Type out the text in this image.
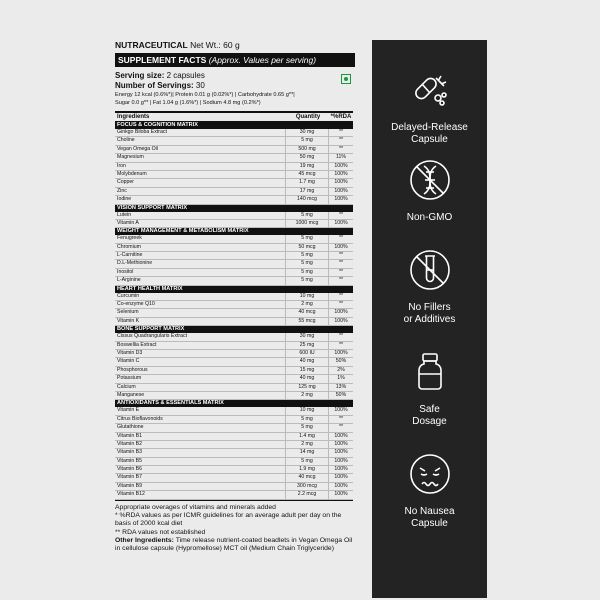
NUTRACEUTICAL Net Wt.: 60 g
SUPPLEMENT FACTS (Approx. Values per serving)
Serving size: 2 capsules
Number of Servings: 30
Energy 12 kcal (0.6%*)| Protein 0.01 g (0.02%*) | Carbohydrate 0.65 g**|
Sugar 0.0 g** | Fat 1.04 g (1.6%*) | Sodium 4.8 mg (0.2%*)
Ingredients	Quantity	*%RDA
FOCUS & COGNITION MATRIX
Ginkgo Biloba Extract	30 mg	**
Choline	5 mg	**
Vegan Omega Oil	500 mg	**
Magnesium	50 mg	11%
Iron	19 mg	100%
Molybdenum	45 mcg	100%
Copper	1.7 mg	100%
Zinc	17 mg	100%
Iodine	140 mcg	100%
VISION SUPPORT MATRIX
Lutein	5 mg	**
Vitamin A	1000 mcg	100%
WEIGHT MANAGEMENT & METABOLISM MATRIX
Fenugreek	5 mg	**
Chromium	50 mcg	100%
L-Carnitine	5 mg	**
D.L-Methionine	5 mg	**
Inositol	5 mg	**
L-Arginine	5 mg	**
HEART HEALTH MATRIX
Curcumin	10 mg	**
Co-enzyme Q10	2 mg	**
Selenium	40 mcg	100%
Vitamin K	55 mcg	100%
BONE SUPPORT MATRIX
Cissus Quadrangularis Extract	30 mg	**
Boswellia Extract	25 mg	**
Vitamin D3	600 IU	100%
Vitamin C	40 mg	50%
Phosphorous	15 mg	2%
Potassium	40 mg	1%
Calcium	125 mg	13%
Manganese	2 mg	50%
ANTIOXIDANTS & ESSENTIALS MATRIX
Vitamin E	10 mg	100%
Citrus Bioflavonoids	5 mg	**
Glutathione	5 mg	**
Vitamin B1	1.4 mg	100%
Vitamin B2	2 mg	100%
Vitamin B3	14 mg	100%
Vitamin B5	5 mg	100%
Vitamin B6	1.9 mg	100%
Vitamin B7	40 mcg	100%
Vitamin B9	300 mcg	100%
Vitamin B12	2.2 mcg	100%
Appropriate overages of vitamins and minerals added
* %RDA values as per ICMR guidelines for an average adult per day on the basis of 2000 kcal diet
** RDA values not established
Other Ingredients: Time release nutrient-coated beadlets in Vegan Omega Oil in cellulose capsule (Hypromellose) MCT oil (Medium Chain Triglyceride)
Delayed-Release
Capsule
Non-GMO
No Fillers
or Additives
Safe
Dosage
No Nausea
Capsule
